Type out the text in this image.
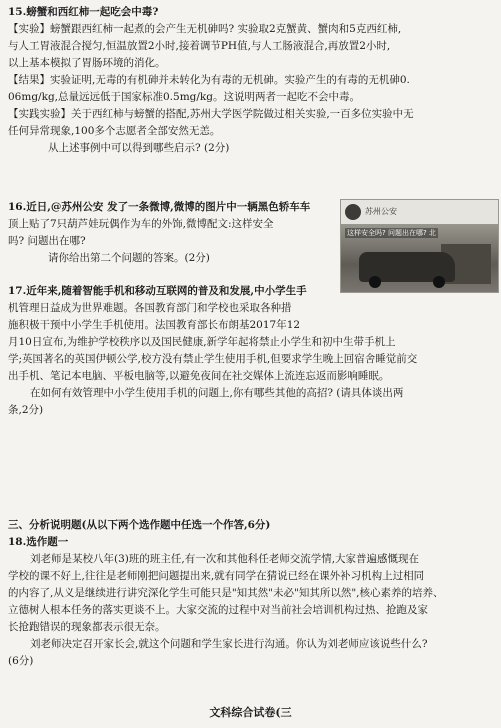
15.螃蟹和西红柿一起吃会中毒?
【实验】螃蟹跟西红柿一起煮的会产生无机砷吗? 实验取2克蟹黄、蟹肉和5克西红柿,
与人工胃液混合搅匀,恒温放置2小时,接着调节PH值,与人工肠液混合,再放置2小时,
以上基本模拟了胃肠环境的消化。
【结果】实验证明,无毒的有机砷并未转化为有毒的无机砷。实验产生的有毒的无机砷0.
06mg/kg,总量远远低于国家标准0.5mg/kg。这说明两者一起吃不会中毒。
【实践实验】关于西红柿与螃蟹的搭配,苏州大学医学院做过相关实验,一百多位实验中无
任何异常现象,100多个志愿者全部安然无恙。
从上述事例中可以得到哪些启示? (2分)
16.近日,@苏州公安 发了一条微博,微博的图片中一辆黑色轿车车
顶上贴了7只葫芦娃玩偶作为车的外饰,微博配文:这样安全
吗? 问题出在哪?
请你给出第二个问题的答案。(2分)
苏州公安
这样安全吗? 问题出在哪? 北
17.近年来,随着智能手机和移动互联网的普及和发展,中小学生手
机管理日益成为世界难题。各国教育部门和学校也采取各种措
施积极干预中小学生手机使用。法国教育部长布朗基2017年12
月10日宣布,为维护学校秩序以及国民健康,新学年起将禁止小学生和初中生带手机上
学;英国著名的英国伊顿公学,校方没有禁止学生使用手机,但要求学生晚上回宿舍睡觉前交
出手机、笔记本电脑、平板电脑等,以避免夜间在社交媒体上流连忘返而影响睡眠。
在如何有效管理中小学生使用手机的问题上,你有哪些其他的高招? (请具体谈出两
条,2分)
三、分析说明题(从以下两个选作题中任选一个作答,6分)
18.选作题一
刘老师是某校八年(3)班的班主任,有一次和其他科任老师交流学情,大家普遍感慨现在
学校的课不好上,往往是老师刚把问题提出来,就有同学在猜说已经在课外补习机构上过相同
的内容了,从义是继续进行讲究深化学生可能只是"知其然"未必"知其所以然",核心素养的培养、
立德树人根本任务的落实更谈不上。大家交流的过程中对当前社会培训机构过热、抢跑及家
长抢跑错误的现象都表示很无奈。
刘老师决定召开家长会,就这个问题和学生家长进行沟通。你认为刘老师应该说些什么?
(6分)
文科综合试卷(三
